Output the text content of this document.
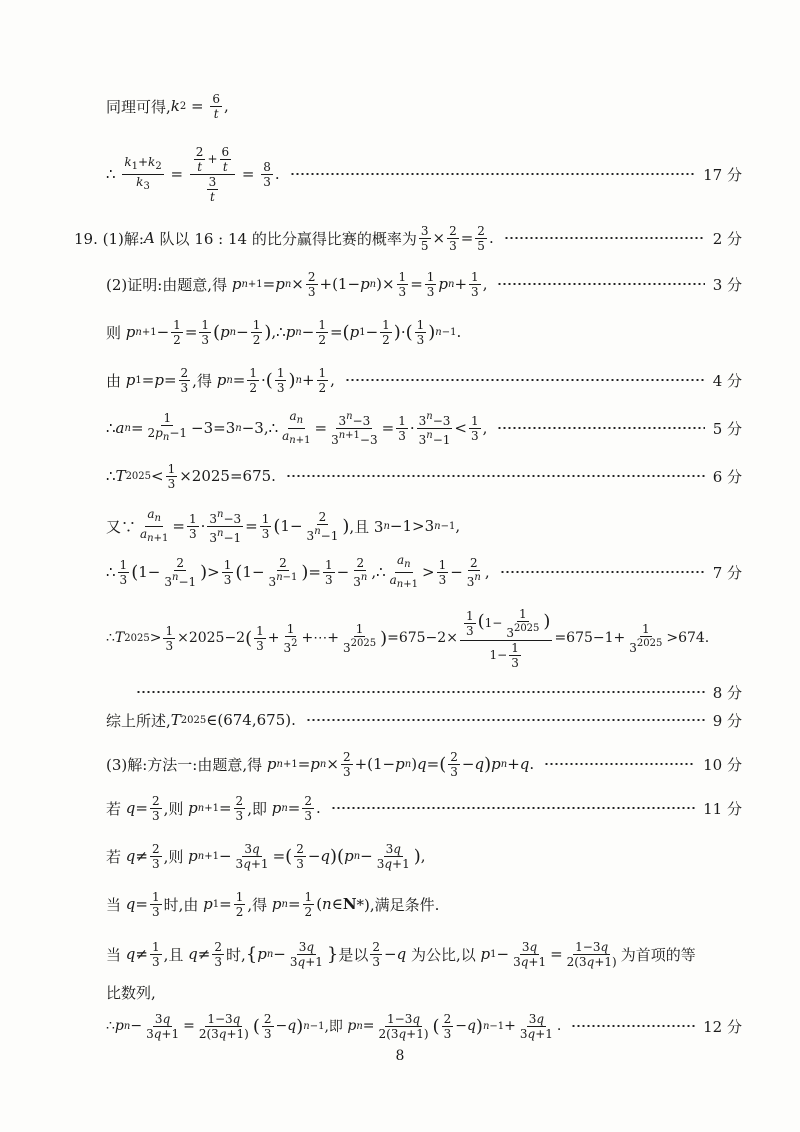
同理可得, k $2 = \frac{6}{t}$ ,
∴ $\frac{k_1+k_2}{k_3} = \frac{\frac{2}{t} + \frac{6}{t}}{\frac{3}{t}} = \frac{8}{3}$ .	17 分
19. (1)解: A 队以 16 : 14 的比分赢得比赛的概率为 $\frac{3}{5} \times \frac{2}{3} = \frac{2}{5}$ .	2 分
(2)证明:由题意,得 p n+1 = p $n \times \frac{2}{3} +(1- p$ n )× $\frac{1}{3} = \frac{1}{3}$ p $n + \frac{1}{3}$ ,	3 分
则 p $n+1 - \frac{1}{2} = \frac{1}{3}$ ( p $n - \frac{1}{2}$ ) ,∴ p $n - \frac{1}{2}$ = ( p $1 - \frac{1}{2}$ ) · ( $\frac{1}{3}$ ) n−1 .
由 p $1 = p = \frac{2}{3}$ ,得 p $n = \frac{1}{2}$ · ( $\frac{1}{3}$ ) $n + \frac{1}{2}$ ,	4 分
∴ a $n = \frac{1}{2p_n-1} -3=3$ n −3,∴ $\frac{a_n}{a_{n+1}} = \frac{3^n-3}{3^{n+1}-3} = \frac{1}{3} \cdot \frac{3^n-3}{3^n-1} < \frac{1}{3}$ ,	5 分
∴ T $2025 < \frac{1}{3} \times 2025=675$.	6 分
又∵ $\frac{a_n}{a_{n+1}} = \frac{1}{3} \cdot \frac{3^n-3}{3^n-1} = \frac{1}{3}$ ( $1- \frac{2}{3^n-1}$ ) ,且 3 n −1>3 n−1 ,
∴ $\frac{1}{3}$ ( $1- \frac{2}{3^n-1}$ ) > $\frac{1}{3}$ ( $1- \frac{2}{3^{n-1}}$ ) = $\frac{1}{3} - \frac{2}{3^n}$ ,∴ $\frac{a_n}{a_{n+1}} > \frac{1}{3} - \frac{2}{3^n}$ ,	7 分
∴ T $2025 > \frac{1}{3} \times 2025-2$ ( $\frac{1}{3} + \frac{1}{3^2}$ +⋯+ $\frac{1}{3^{2025}}$ ) $=675-2\times \frac{\frac{1}{3} (1- \frac{1}{3^{2025}} )}{1- \frac{1}{3}} =675-1+ \frac{1}{3^{2025}} >674$.
8 分
综上所述, T 2025 ∈(674,675).	9 分
(3)解:方法一:由题意,得 p n+1 = p $n \times \frac{2}{3} +(1- p$ n ) q = ( $\frac{2}{3} - q$ ) p n + q .	10 分
若 $q = \frac{2}{3}$ ,则 p $n+1 = \frac{2}{3}$ ,即 p $n = \frac{2}{3}$ .	11 分
若 $q \ne \frac{2}{3}$ ,则 p $n+1 - \frac{3q}{3q+1}$ = ( $\frac{2}{3} - q$ ) ( p $n - \frac{3q}{3q+1}$ ) ,
当 $q = \frac{1}{3}$ 时,由 p $1 = \frac{1}{2}$ ,得 p $n = \frac{1}{2}$ ( n ∈ N *),满足条件.
当 $q \ne \frac{1}{3}$ ,且 $q \ne \frac{2}{3}$ 时, { p $n - \frac{3q}{3q+1}$ } 是以 $\frac{2}{3} - q$ 为公比,以 p $1 - \frac{3q}{3q+1} = \frac{1-3q}{2(3q+1)}$ 为首项的等
比数列,
∴ p $n - \frac{3q}{3q+1} = \frac{1-3q}{2(3q+1)}$ ( $\frac{2}{3} - q$ ) n−1 ,即 p $n = \frac{1-3q}{2(3q+1)}$ ( $\frac{2}{3} - q$ ) $n-1 + \frac{3q}{3q+1}$ .	12 分
8
